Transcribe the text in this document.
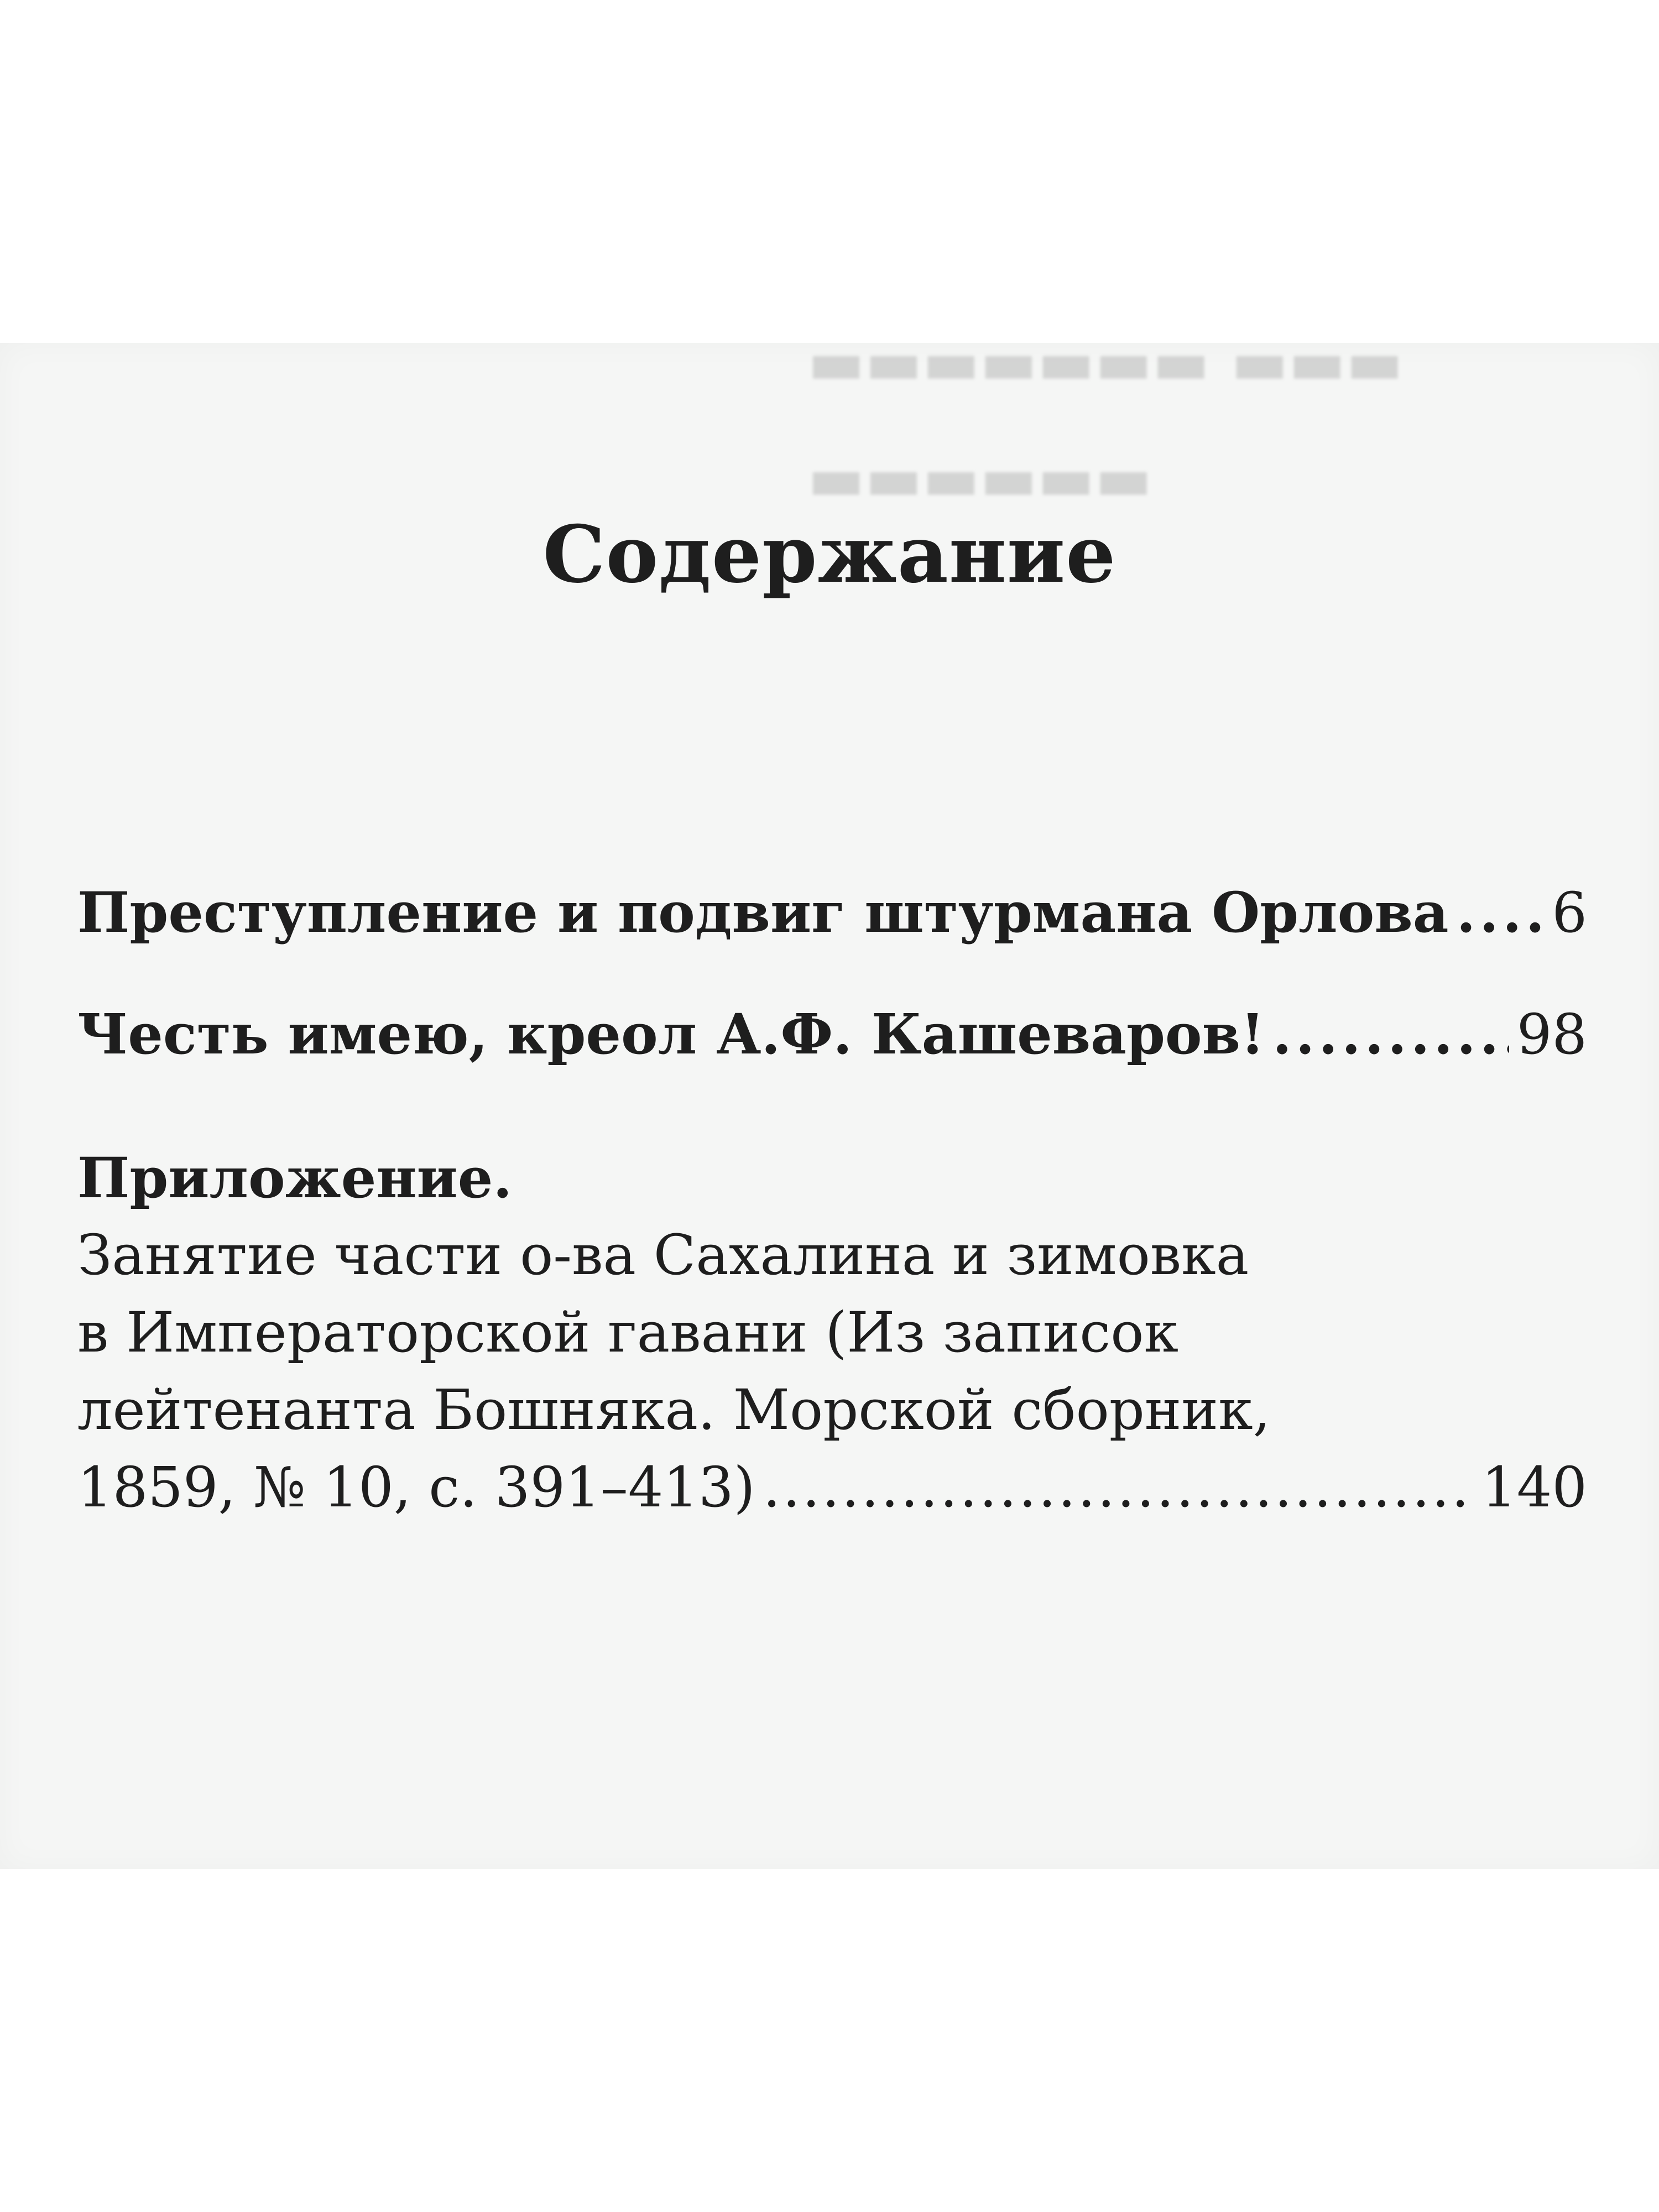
▬▬▬ ▬▬▬▬▬▬▬
▬▬▬▬▬▬
Содержание
Преступление и подвиг штурмана Орлова . . . 6
Честь имею, креол А.Ф. Кашеваров! . . .	98
Приложение.
Занятие части о-ва Сахалина и зимовка
в Императорской гавани (Из записок
лейтенанта Бошняка. Морской сборник,
1859, № 10, с. 391–413) . . .	140
